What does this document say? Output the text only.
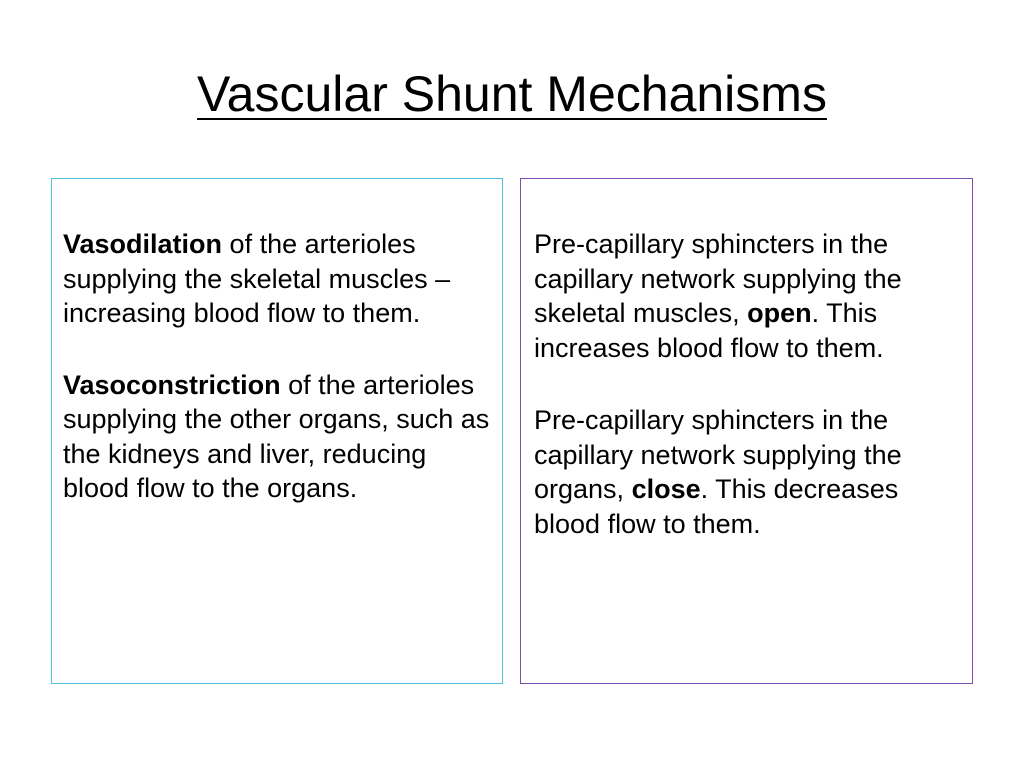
Vascular Shunt Mechanisms

Vasodilation of the arterioles supplying the skeletal muscles – increasing blood flow to them.

Vasoconstriction of the arterioles supplying the other organs, such as the kidneys and liver, reducing blood flow to the organs.

Pre-capillary sphincters in the capillary network supplying the skeletal muscles, open. This increases blood flow to them.

Pre-capillary sphincters in the capillary network supplying the organs, close. This decreases blood flow to them.
